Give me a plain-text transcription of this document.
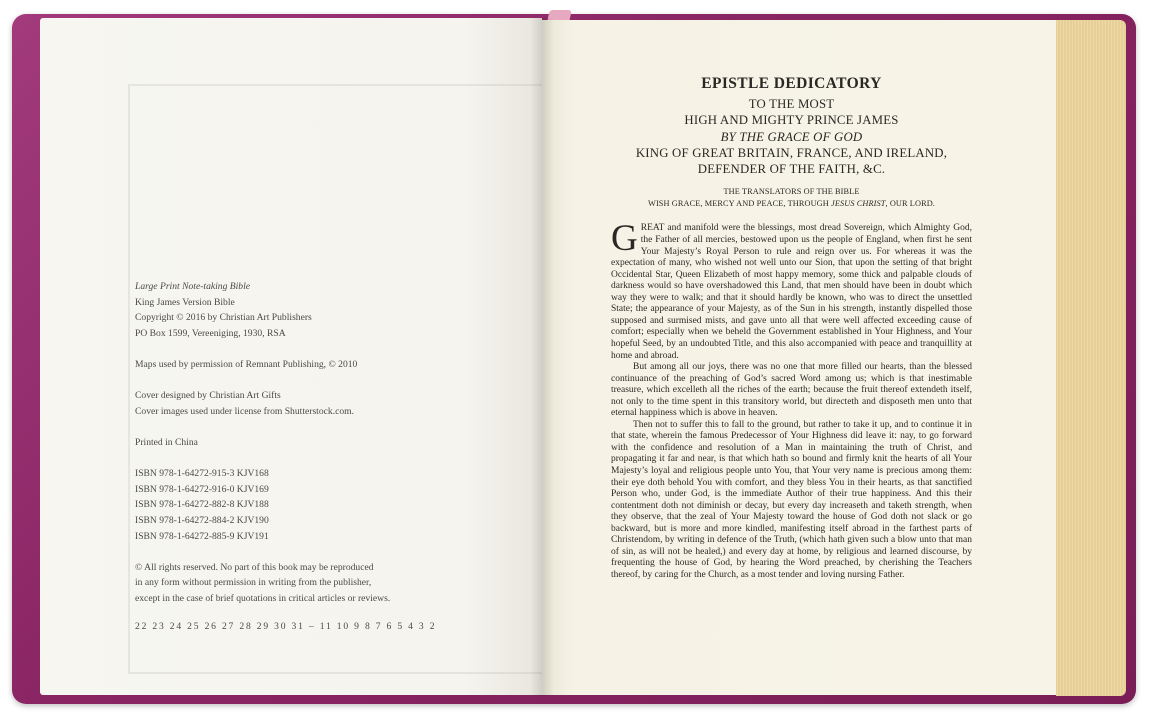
Large Print Note-taking Bible
King James Version Bible
Copyright © 2016 by Christian Art Publishers
PO Box 1599, Vereeniging, 1930, RSA
Maps used by permission of Remnant Publishing, © 2010
Cover designed by Christian Art Gifts
Cover images used under license from Shutterstock.com.
Printed in China
ISBN 978-1-64272-915-3 KJV168
ISBN 978-1-64272-916-0 KJV169
ISBN 978-1-64272-882-8 KJV188
ISBN 978-1-64272-884-2 KJV190
ISBN 978-1-64272-885-9 KJV191
© All rights reserved. No part of this book may be reproduced
in any form without permission in writing from the publisher,
except in the case of brief quotations in critical articles or reviews.
22 23 24 25 26 27 28 29 30 31 – 11 10 9 8 7 6 5 4 3 2
EPISTLE DEDICATORY
TO THE MOST
HIGH AND MIGHTY PRINCE JAMES
BY THE GRACE OF GOD
KING OF GREAT BRITAIN, FRANCE, AND IRELAND,
DEFENDER OF THE FAITH, &C.
THE TRANSLATORS OF THE BIBLE
WISH GRACE, MERCY AND PEACE, THROUGH JESUS CHRIST, OUR LORD.

GREAT and manifold were the blessings, most dread Sovereign, which Almighty God, the Father of all mercies, bestowed upon us the people of England, when first he sent Your Majesty’s Royal Person to rule and reign over us. For whereas it was the expectation of many, who wished not well unto our Sion, that upon the setting of that bright Occidental Star, Queen Elizabeth of most happy memory, some thick and palpable clouds of darkness would so have overshadowed this Land, that men should have been in doubt which way they were to walk; and that it should hardly be known, who was to direct the unsettled State; the appearance of your Majesty, as of the Sun in his strength, instantly dispelled those supposed and surmised mists, and gave unto all that were well affected exceeding cause of comfort; especially when we beheld the Government established in Your Highness, and Your hopeful Seed, by an undoubted Title, and this also accompanied with peace and tranquillity at home and abroad.

But among all our joys, there was no one that more filled our hearts, than the blessed continuance of the preaching of God’s sacred Word among us; which is that inestimable treasure, which excelleth all the riches of the earth; because the fruit thereof extendeth itself, not only to the time spent in this transitory world, but directeth and disposeth men unto that eternal happiness which is above in heaven.

Then not to suffer this to fall to the ground, but rather to take it up, and to continue it in that state, wherein the famous Predecessor of Your Highness did leave it: nay, to go forward with the confidence and resolution of a Man in maintaining the truth of Christ, and propagating it far and near, is that which hath so bound and firmly knit the hearts of all Your Majesty’s loyal and religious people unto You, that Your very name is precious among them: their eye doth behold You with comfort, and they bless You in their hearts, as that sanctified Person who, under God, is the immediate Author of their true happiness. And this their contentment doth not diminish or decay, but every day increaseth and taketh strength, when they observe, that the zeal of Your Majesty toward the house of God doth not slack or go backward, but is more and more kindled, manifesting itself abroad in the farthest parts of Christendom, by writing in defence of the Truth, (which hath given such a blow unto that man of sin, as will not be healed,) and every day at home, by religious and learned discourse, by frequenting the house of God, by hearing the Word preached, by cherishing the Teachers thereof, by caring for the Church, as a most tender and loving nursing Father.
